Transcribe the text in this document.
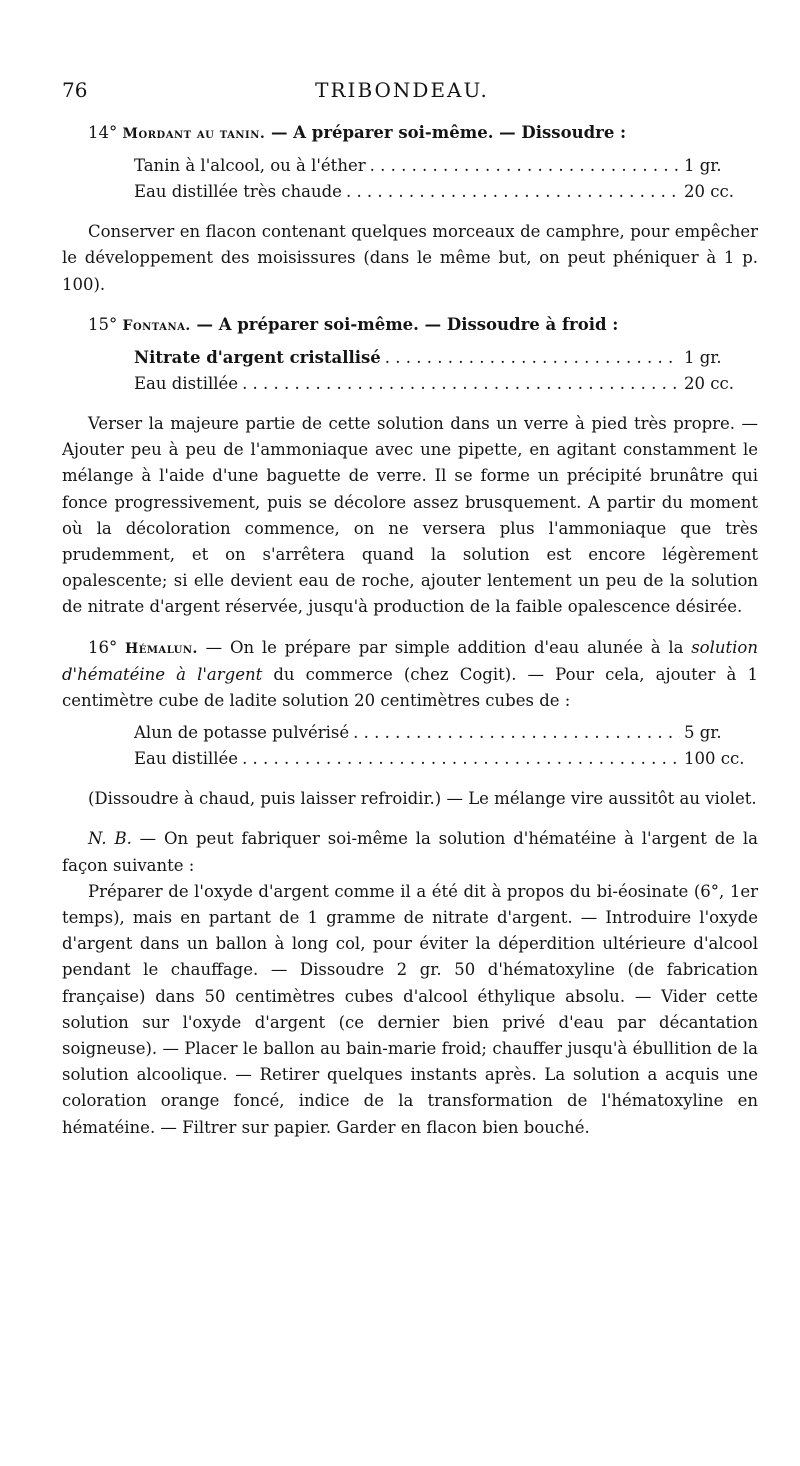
76	TRIBONDEAU.

14° Mordant au tanin. — A préparer soi-même. — Dissoudre :

Tanin à l'alcool, ou à l'éther . . .	1 gr.
Eau distillée très chaude . . .	20 cc.

Conserver en flacon contenant quelques morceaux de camphre, pour empêcher le développement des moisissures (dans le même but, on peut phéniquer à 1 p. 100).

15° Fontana. — A préparer soi-même. — Dissoudre à froid :

Nitrate d'argent cristallisé . . .	1 gr.
Eau distillée . . .	20 cc.

Verser la majeure partie de cette solution dans un verre à pied très propre. — Ajouter peu à peu de l'ammoniaque avec une pipette, en agitant constamment le mélange à l'aide d'une baguette de verre. Il se forme un précipité brunâtre qui fonce progressivement, puis se décolore assez brusquement. A partir du moment où la décoloration commence, on ne versera plus l'ammoniaque que très prudemment, et on s'arrêtera quand la solution est encore légèrement opalescente; si elle devient eau de roche, ajouter lentement un peu de la solution de nitrate d'argent réservée, jusqu'à production de la faible opalescence désirée.

16° Hémalun. — On le prépare par simple addition d'eau alunée à la solution d'hématéine à l'argent du commerce (chez Cogit). — Pour cela, ajouter à 1 centimètre cube de ladite solution 20 centimètres cubes de :

Alun de potasse pulvérisé . . .	5 gr.
Eau distillée . . .	100 cc.

(Dissoudre à chaud, puis laisser refroidir.) — Le mélange vire aussitôt au violet.

N. B. — On peut fabriquer soi-même la solution d'hématéine à l'argent de la façon suivante :

Préparer de l'oxyde d'argent comme il a été dit à propos du bi-éosinate (6°, 1er temps), mais en partant de 1 gramme de nitrate d'argent. — Introduire l'oxyde d'argent dans un ballon à long col, pour éviter la déperdition ultérieure d'alcool pendant le chauffage. — Dissoudre 2 gr. 50 d'hématoxyline (de fabrication française) dans 50 centimètres cubes d'alcool éthylique absolu. — Vider cette solution sur l'oxyde d'argent (ce dernier bien privé d'eau par décantation soigneuse). — Placer le ballon au bain-marie froid; chauffer jusqu'à ébullition de la solution alcoolique. — Retirer quelques instants après. La solution a acquis une coloration orange foncé, indice de la transformation de l'hématoxyline en hématéine. — Filtrer sur papier. Garder en flacon bien bouché.
